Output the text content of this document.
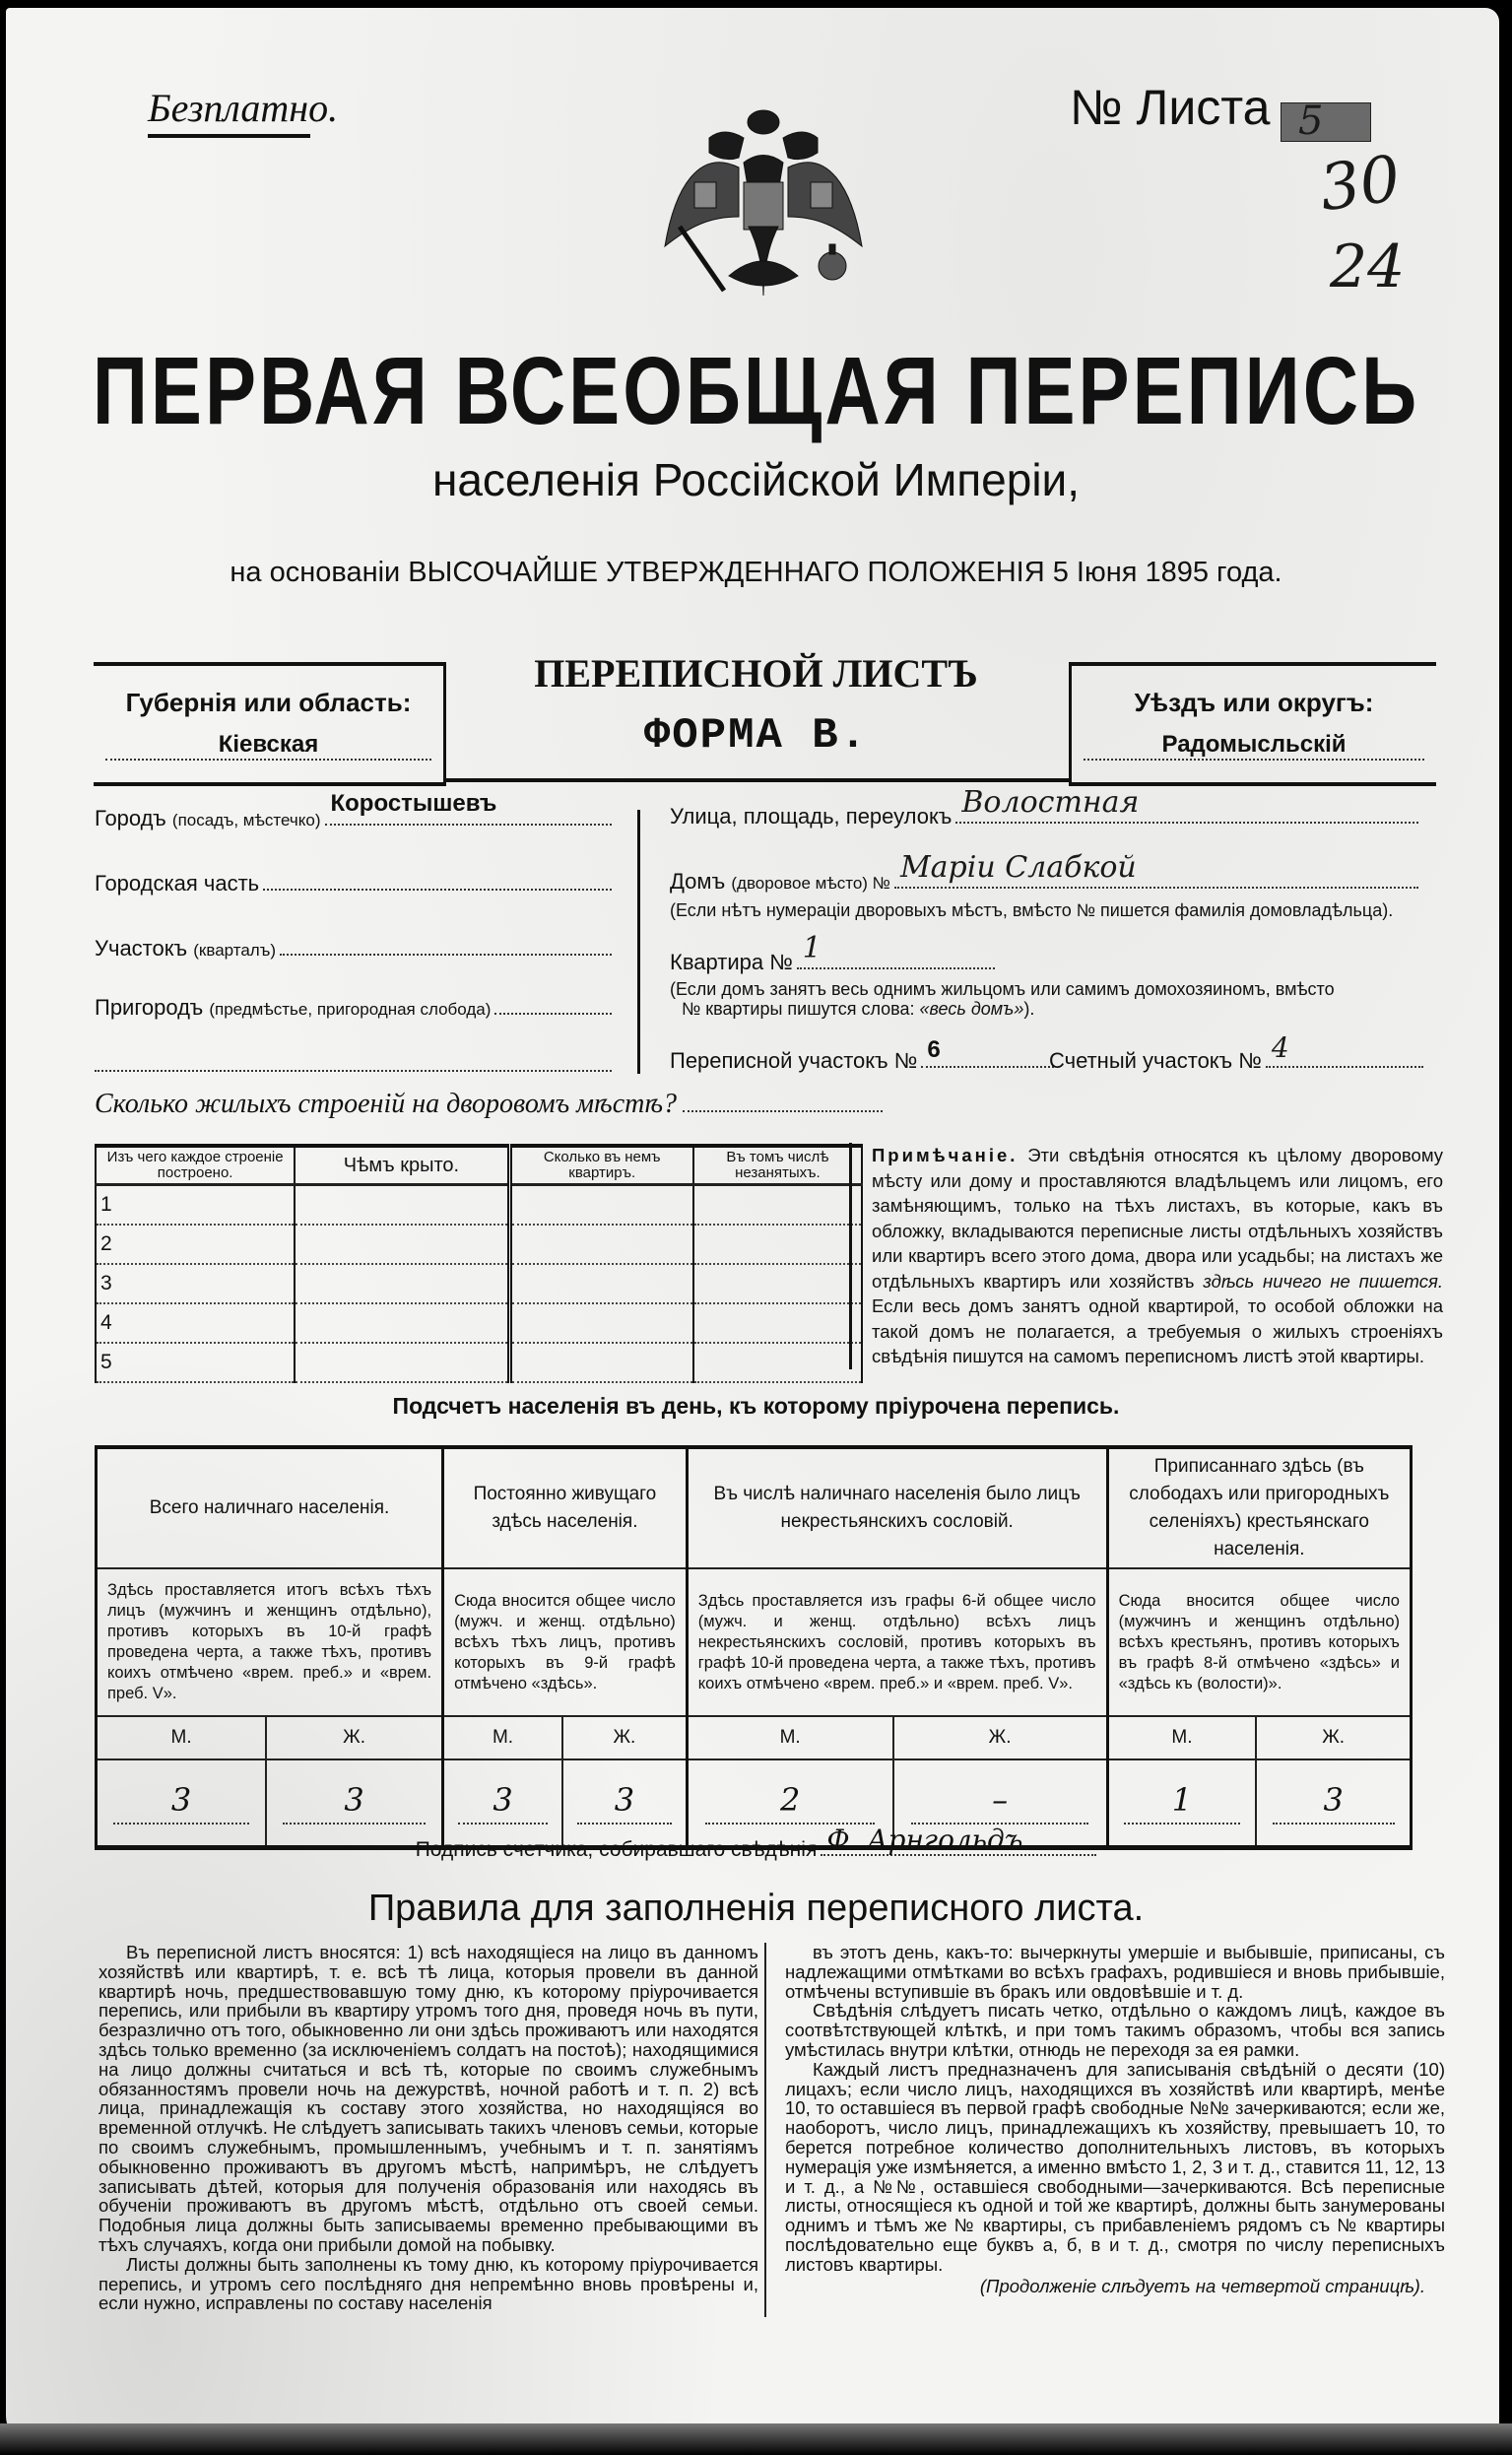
Безплатно.	№ Листа 5
30
24
ПЕРВАЯ ВСЕОБЩАЯ ПЕРЕПИСЬ
населенія Россійской Имперіи,
на основаніи ВЫСОЧАЙШЕ УТВЕРЖДЕННАГО ПОЛОЖЕНІЯ 5 Іюня 1895 года.
Губернія или область:
Кіевская
ПЕРЕПИСНОЙ ЛИСТЪ
ФОРМА В.
Уѣздъ или округъ:
Радомысльскій
Городъ (посадъ, мѣстечко)
Коростышевъ
Городская часть
Участокъ (кварталъ)
Пригородъ (предмѣстье, пригородная слобода)
Улица, площадь, переулокъ Волостная
Домъ (дворовое мѣсто) № Марiи Слабкой
(Если нѣтъ нумераціи дворовыхъ мѣстъ, вмѣсто № пишется фамилія домовладѣльца).
Квартира № 1
(Если домъ занятъ весь однимъ жильцомъ или самимъ домохозяиномъ, вмѣсто
№ квартиры пишутся слова: «весь домъ»).
Переписной участокъ № 6	Счетный участокъ № 4
Сколько жилыхъ строеній на дворовомъ мѣстѣ?
Изъ чего каждое строеніе построено.	Чѣмъ крыто.	Сколько въ немъ квартиръ.	Въ томъ числѣ незанятыхъ.
1			
2			
3			
4			
5			
Примѣчаніе. Эти свѣдѣнія относятся къ цѣлому дворовому мѣсту или дому и проставляются владѣльцемъ или лицомъ, его замѣняющимъ, только на тѣхъ листахъ, въ которые, какъ въ обложку, вкладываются переписные листы отдѣльныхъ хозяйствъ или квартиръ всего этого дома, двора или усадьбы; на листахъ же отдѣльныхъ квартиръ или хозяйствъ здѣсь ничего не пишется. Если весь домъ занятъ одной квартирой, то особой обложки на такой домъ не полагается, а требуемыя о жилыхъ строеніяхъ свѣдѣнія пишутся на самомъ переписномъ листѣ этой квартиры.
Подсчетъ населенія въ день, къ которому пріурочена перепись.
Всего наличнаго населенія.		Постоянно живущаго здѣсь населенія.		Въ числѣ наличнаго населенія было лицъ некрестьянскихъ сословій.		Приписаннаго здѣсь (въ слободахъ или пригородныхъ селеніяхъ) крестьянскаго населенія.	
Здѣсь проставляется итогъ всѣхъ тѣхъ лицъ (мужчинъ и женщинъ отдѣльно), противъ которыхъ въ 10-й графѣ проведена черта, а также тѣхъ, противъ коихъ отмѣчено «врем. преб.» и «врем. преб. V».		Сюда вносится общее число (мужч. и женщ. отдѣльно) всѣхъ тѣхъ лицъ, противъ которыхъ въ 9-й графѣ отмѣчено «здѣсь».		Здѣсь проставляется изъ графы 6-й общее число (мужч. и женщ. отдѣльно) всѣхъ лицъ некрестьянскихъ сословій, противъ которыхъ въ графѣ 10-й проведена черта, а также тѣхъ, противъ коихъ отмѣчено «врем. преб.» и «врем. преб. V».		Сюда вносится общее число (мужчинъ и женщинъ отдѣльно) всѣхъ крестьянъ, противъ которыхъ въ графѣ 8-й отмѣчено «здѣсь» и «здѣсь къ (волости)».	
М.	Ж.	М.	Ж.	М.	Ж.	М.	Ж.
3	3	3	3	2	–	1	3
Подпись счетчика, собиравшаго свѣдѣнія Ф. Арнгольдъ
Правила для заполненія переписного листа.

Въ переписной листъ вносятся: 1) всѣ находящіеся на лицо въ данномъ хозяйствѣ или квартирѣ, т. е. всѣ тѣ лица, которыя провели въ данной квартирѣ ночь, предшествовавшую тому дню, къ которому пріурочивается перепись, или прибыли въ квартиру утромъ того дня, проведя ночь въ пути, безразлично отъ того, обыкновенно ли они здѣсь проживаютъ или находятся здѣсь только временно (за исключеніемъ солдатъ на постоѣ); находящимися на лицо должны считаться и всѣ тѣ, которые по своимъ служебнымъ обязанностямъ провели ночь на дежурствѣ, ночной работѣ и т. п. 2) всѣ лица, принадлежащія къ составу этого хозяйства, но находящіяся во временной отлучкѣ. Не слѣдуетъ записывать такихъ членовъ семьи, которые по своимъ служебнымъ, промышленнымъ, учебнымъ и т. п. занятіямъ обыкновенно проживаютъ въ другомъ мѣстѣ, напримѣръ, не слѣдуетъ записывать дѣтей, которыя для полученія образованія или находясь въ обученіи проживаютъ въ другомъ мѣстѣ, отдѣльно отъ своей семьи. Подобныя лица должны быть записываемы временно пребывающими въ тѣхъ случаяхъ, когда они прибыли домой на побывку.

Листы должны быть заполнены къ тому дню, къ которому пріурочивается перепись, и утромъ сего послѣдняго дня непремѣнно вновь провѣрены и, если нужно, исправлены по составу населенія

въ этотъ день, какъ-то: вычеркнуты умершіе и выбывшіе, приписаны, съ надлежащими отмѣтками во всѣхъ графахъ, родившіеся и вновь прибывшіе, отмѣчены вступившіе въ бракъ или овдовѣвшіе и т. д.

Свѣдѣнія слѣдуетъ писать четко, отдѣльно о каждомъ лицѣ, каждое въ соотвѣтствующей клѣткѣ, и при томъ такимъ образомъ, чтобы вся запись умѣстилась внутри клѣтки, отнюдь не переходя за ея рамки.

Каждый листъ предназначенъ для записыванія свѣдѣній о десяти (10) лицахъ; если число лицъ, находящихся въ хозяйствѣ или квартирѣ, менѣе 10, то оставшіеся въ первой графѣ свободные №№ зачеркиваются; если же, наоборотъ, число лицъ, принадлежащихъ къ хозяйству, превышаетъ 10, то берется потребное количество дополнительныхъ листовъ, въ которыхъ нумерація уже измѣняется, а именно вмѣсто 1, 2, 3 и т. д., ставится 11, 12, 13 и т. д., а №№, оставшіеся свободными—зачеркиваются. Всѣ переписные листы, относящіеся къ одной и той же квартирѣ, должны быть занумерованы однимъ и тѣмъ же № квартиры, съ прибавленіемъ рядомъ съ № квартиры послѣдовательно еще буквъ а, б, в и т. д., смотря по числу переписныхъ листовъ квартиры.

(Продолженіе слѣдуетъ на четвертой страницѣ).
